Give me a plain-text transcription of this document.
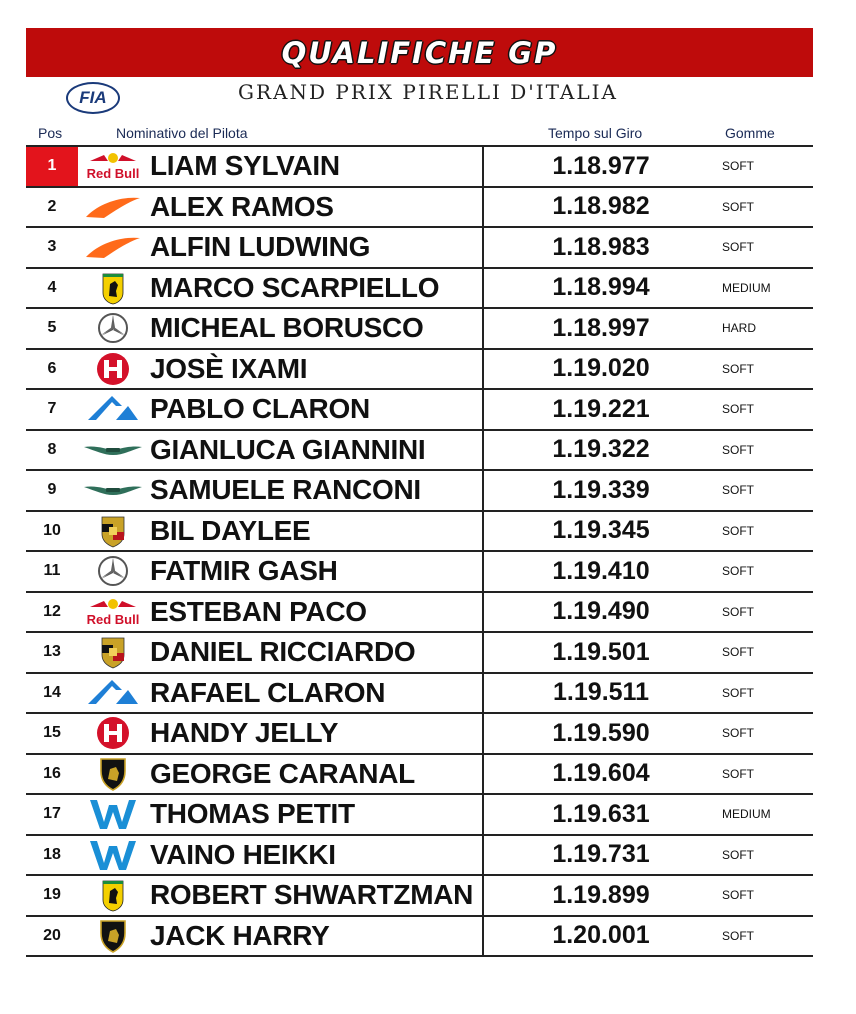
QUALIFICHE GP
FIA	GRAND PRIX PIRELLI D'ITALIA
Pos	Nominativo del Pilota	Tempo sul Giro	Gomme
1	Red Bull LIAM SYLVAIN	1.18.977	SOFT
2	ALEX RAMOS	1.18.982	SOFT
3	ALFIN LUDWING	1.18.983	SOFT
4	MARCO SCARPIELLO	1.18.994	MEDIUM
5	MICHEAL BORUSCO	1.18.997	HARD
6	JOSÈ IXAMI	1.19.020	SOFT
7	PABLO CLARON	1.19.221	SOFT
8	GIANLUCA GIANNINI	1.19.322	SOFT
9	SAMUELE RANCONI	1.19.339	SOFT
10	BIL DAYLEE	1.19.345	SOFT
11	FATMIR GASH	1.19.410	SOFT
12	Red Bull ESTEBAN PACO	1.19.490	SOFT
13	DANIEL RICCIARDO	1.19.501	SOFT
14	RAFAEL CLARON	1.19.511	SOFT
15	HANDY JELLY	1.19.590	SOFT
16	GEORGE CARANAL	1.19.604	SOFT
17	THOMAS PETIT	1.19.631	MEDIUM
18	VAINO HEIKKI	1.19.731	SOFT
19	ROBERT SHWARTZMAN	1.19.899	SOFT
20	JACK HARRY	1.20.001	SOFT
